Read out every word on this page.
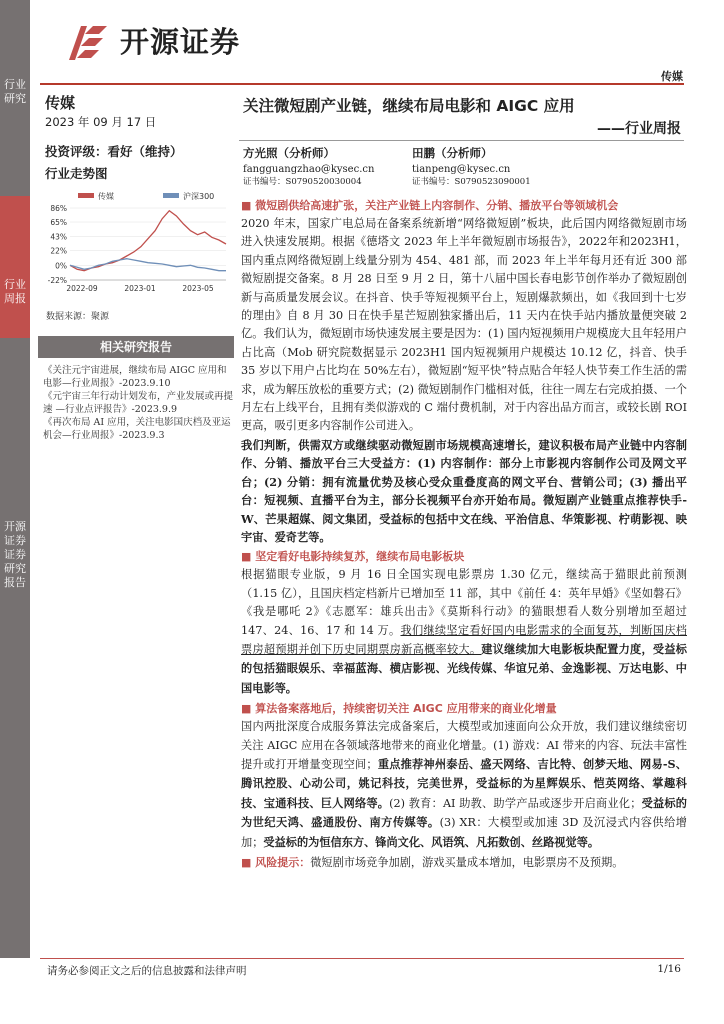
开源证券
传媒
行业研究
行业周报
开源证券证券研究报告
传媒
2023 年 09 月 17 日
投资评级：看好（维持）
行业走势图
传媒	沪深300
86%
65%
43%
22%
0%
-22%
2022-09	2023-01	2023-05
数据来源：聚源
相关研究报告

《关注元宇宙进展，继续布局 AIGC 应用和电影—行业周报》-2023.9.10

《元宇宙三年行动计划发布，产业发展或再提速 —行业点评报告》-2023.9.9

《再次布局 AI 应用，关注电影国庆档及亚运机会—行业周报》-2023.9.3

关注微短剧产业链，继续布局电影和 AIGC 应用
——行业周报
方光照（分析师）
fangguangzhao@kysec.cn
证书编号：S0790520030004
田鹏（分析师）
tianpeng@kysec.cn
证书编号：S0790523090001

■ 微短剧供给高速扩张，关注产业链上内容制作、分销、播放平台等领域机会

2020 年末，国家广电总局在备案系统新增“网络微短剧”板块，此后国内网络微短剧市场进入快速发展期。根据《德塔文 2023 年上半年微短剧市场报告》，2022年和2023H1，国内重点网络微短剧上线量分别为 454、481 部，而 2023 年上半年每月还有近 300 部微短剧提交备案。8 月 28 日至 9 月 2 日，第十八届中国长春电影节创作举办了微短剧创新与高质量发展会议。在抖音、快手等短视频平台上，短剧爆款频出，如《我回到十七岁的理由》自 8 月 30 日在快手星芒短剧独家播出后，11 天内在快手站内播放量便突破 2 亿。我们认为，微短剧市场快速发展主要是因为：(1) 国内短视频用户规模庞大且年轻用户占比高（Mob 研究院数据显示 2023H1 国内短视频用户规模达 10.12 亿，抖音、快手 35 岁以下用户占比均在 50%左右），微短剧“短平快”特点贴合年轻人快节奏工作生活的需求，成为解压放松的重要方式；(2) 微短剧制作门槛相对低，往往一周左右完成拍摄、一个月左右上线平台，且拥有类似游戏的 C 端付费机制，对于内容出品方而言，或较长剧 ROI 更高，吸引更多内容制作公司进入。

我们判断，供需双方或继续驱动微短剧市场规模高速增长，建议积极布局产业链中内容制作、分销、播放平台三大受益方：(1) 内容制作：部分上市影视内容制作公司及网文平台；(2) 分销：拥有流量优势及核心受众重叠度高的网文平台、营销公司；(3) 播出平台：短视频、直播平台为主，部分长视频平台亦开始布局。微短剧产业链重点推荐快手-W、芒果超媒、阅文集团，受益标的包括中文在线、平治信息、华策影视、柠萌影视、映宇宙、爱奇艺等。

■ 坚定看好电影持续复苏，继续布局电影板块

根据猫眼专业版，9 月 16 日全国实现电影票房 1.30 亿元，继续高于猫眼此前预测（1.15 亿），且国庆档定档新片已增加至 11 部，其中《前任 4：英年早婚》《坚如磐石》《我是哪吒 2》《志愿军：雄兵出击》《莫斯科行动》的猫眼想看人数分别增加至超过 147、24、16、17 和 14 万。我们继续坚定看好国内电影需求的全面复苏，判断国庆档票房超预期并创下历史同期票房新高概率较大。建议继续加大电影板块配置力度，受益标的包括猫眼娱乐、幸福蓝海、横店影视、光线传媒、华谊兄弟、金逸影视、万达电影、中国电影等。

■ 算法备案落地后，持续密切关注 AIGC 应用带来的商业化增量

国内两批深度合成服务算法完成备案后，大模型或加速面向公众开放，我们建议继续密切关注 AIGC 应用在各领域落地带来的商业化增量。(1) 游戏：AI 带来的内容、玩法丰富性提升或打开增量变现空间；重点推荐神州泰岳、盛天网络、吉比特、创梦天地、网易-S、腾讯控股、心动公司，姚记科技，完美世界，受益标的为星辉娱乐、恺英网络、掌趣科技、宝通科技、巨人网络等。(2) 教育：AI 助教、助学产品或逐步开启商业化；受益标的为世纪天鸿、盛通股份、南方传媒等。(3) XR：大模型或加速 3D 及沉浸式内容供给增加；受益标的为恒信东方、锋尚文化、风语筑、凡拓数创、丝路视觉等。

■ 风险提示：微短剧市场竞争加剧，游戏买量成本增加，电影票房不及预期。

请务必参阅正文之后的信息披露和法律声明	1/16
